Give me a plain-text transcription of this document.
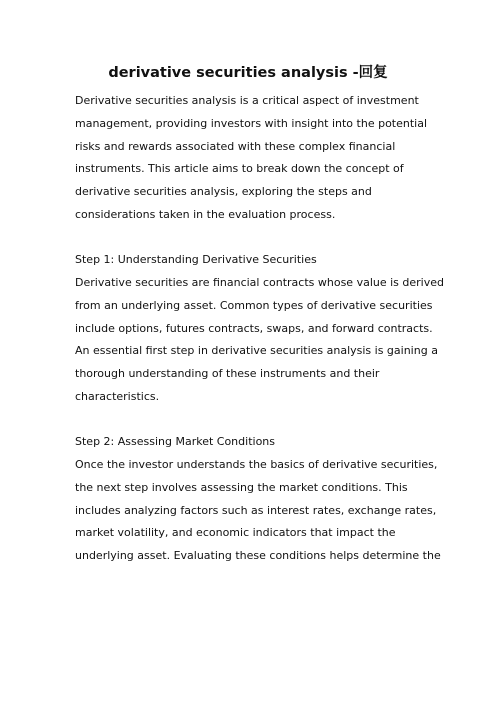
derivative securities analysis -回复

Derivative securities analysis is a critical aspect of investment
management, providing investors with insight into the potential
risks and rewards associated with these complex financial
instruments. This article aims to break down the concept of
derivative securities analysis, exploring the steps and
considerations taken in the evaluation process.

Step 1: Understanding Derivative Securities
Derivative securities are financial contracts whose value is derived
from an underlying asset. Common types of derivative securities
include options, futures contracts, swaps, and forward contracts.
An essential first step in derivative securities analysis is gaining a
thorough understanding of these instruments and their
characteristics.
Step 2: Assessing Market Conditions
Once the investor understands the basics of derivative securities,
the next step involves assessing the market conditions. This
includes analyzing factors such as interest rates, exchange rates,
market volatility, and economic indicators that impact the
underlying asset. Evaluating these conditions helps determine the
